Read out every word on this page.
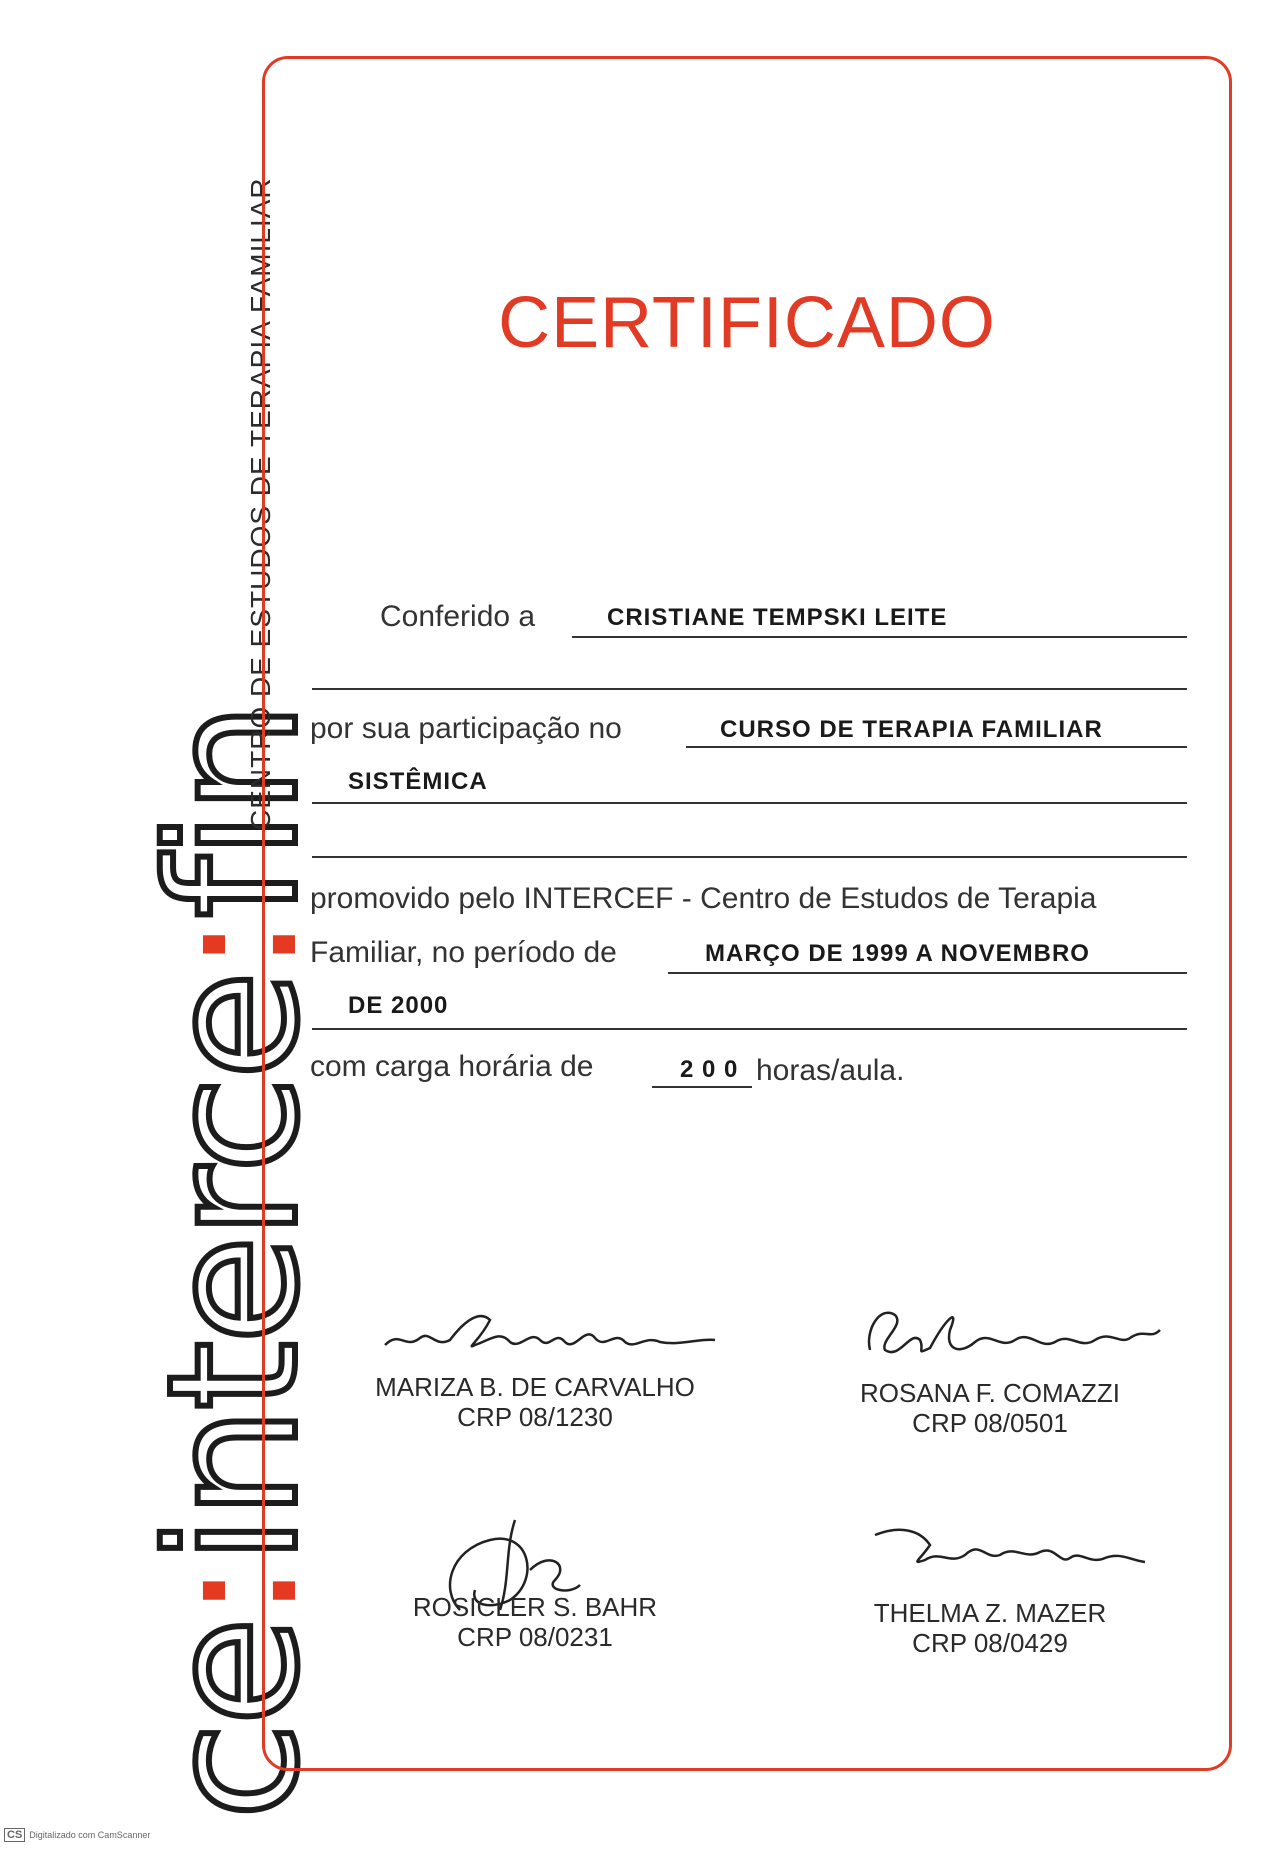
ce:interce:fin
CENTRO DE ESTUDOS DE TERAPIA FAMILIAR	CERTIFICADO
Conferido a	CRISTIANE TEMPSKI LEITE
por sua participação no	CURSO DE TERAPIA FAMILIAR
SISTÊMICA
promovido pelo INTERCEF - Centro de Estudos de Terapia
Familiar, no período de	MARÇO DE 1999 A NOVEMBRO
DE 2000
com carga horária de	2 0 0 horas/aula.
MARIZA B. DE CARVALHO
CRP 08/1230
ROSANA F. COMAZZI
CRP 08/0501
ROSICLER S. BAHR
CRP 08/0231
THELMA Z. MAZER
CRP 08/0429
CS Digitalizado com CamScanner
